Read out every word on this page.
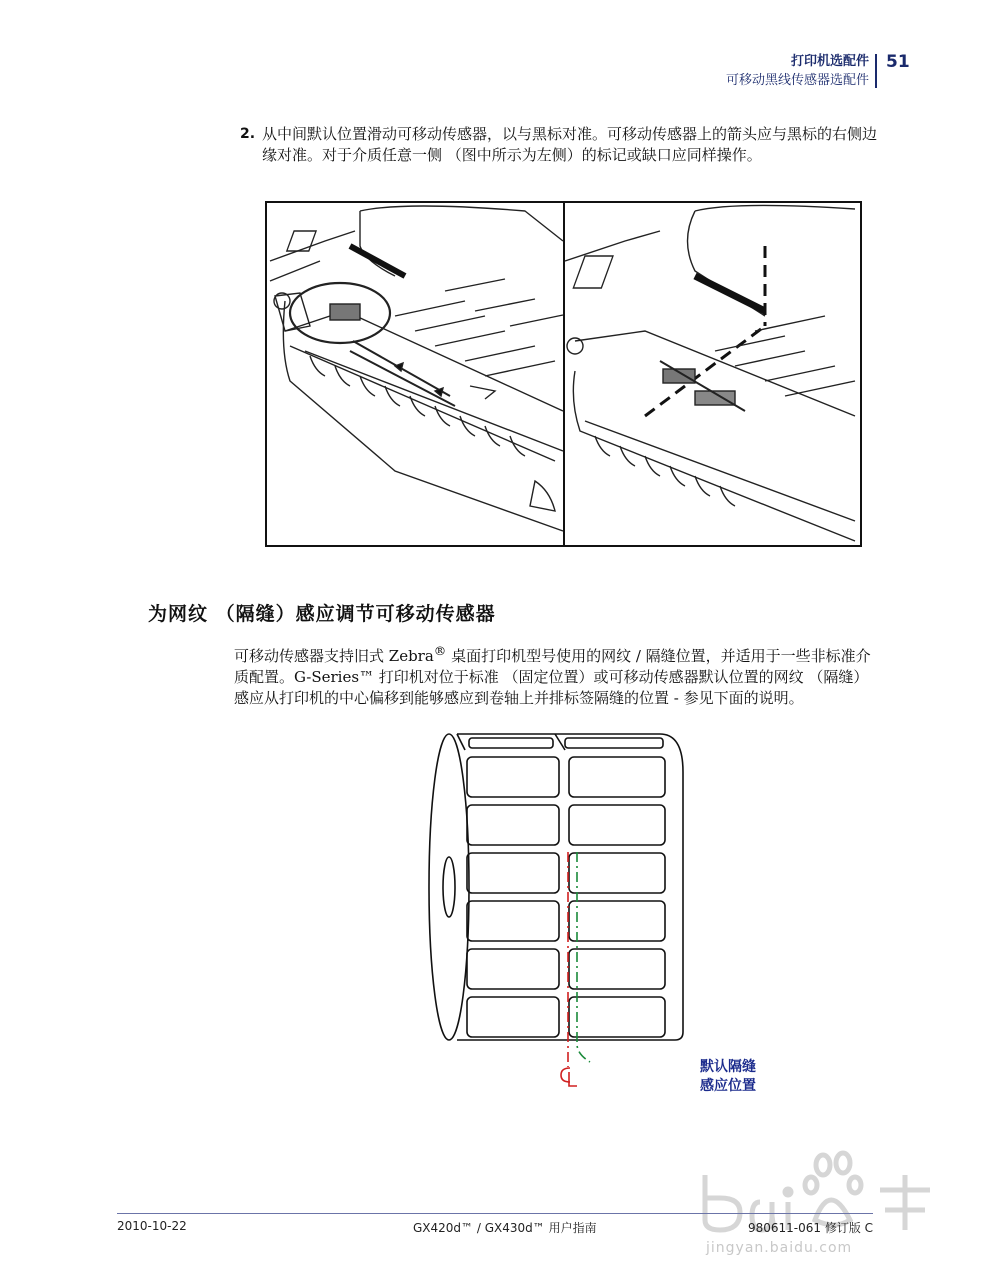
打印机选配件
可移动黑线传感器选配件
51
2. 从中间默认位置滑动可移动传感器，以与黑标对准。可移动传感器上的箭头应与黑标的右侧边缘对准。对于介质任意一侧 （图中所示为左侧）的标记或缺口应同样操作。
为网纹 （隔缝）感应调节可移动传感器
可移动传感器支持旧式 Zebra® 桌面打印机型号使用的网纹 / 隔缝位置，并适用于一些非标准介质配置。G-Series™ 打印机对位于标准 （固定位置）或可移动传感器默认位置的网纹 （隔缝）感应从打印机的中心偏移到能够感应到卷轴上并排标签隔缝的位置 - 参见下面的说明。
默认隔缝
感应位置
2010-10-22	GX420d™ / GX430d™ 用户指南	980611-061 修订版 C
jingyan.baidu.com
